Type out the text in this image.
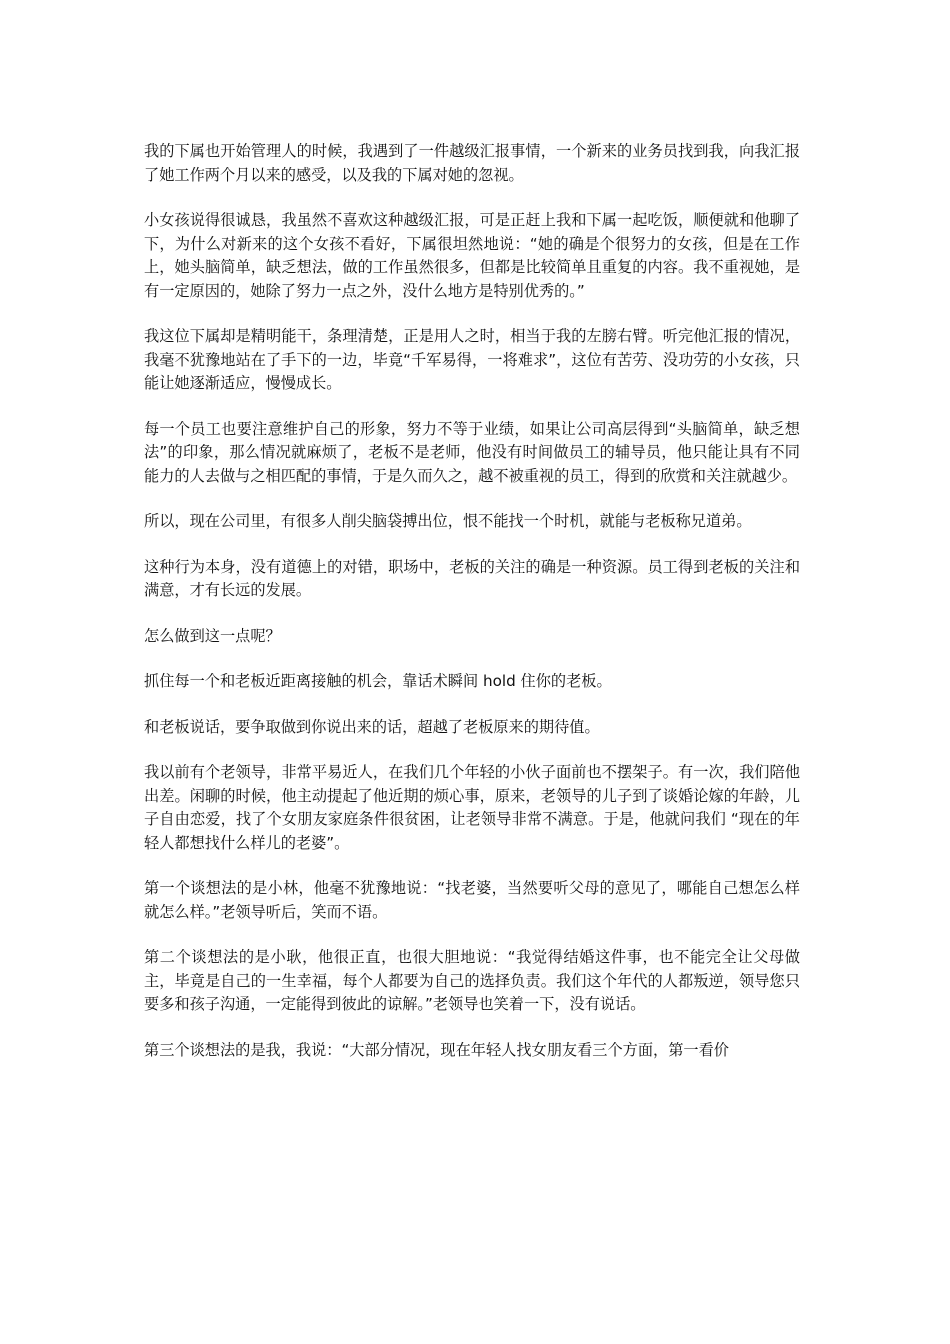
我的下属也开始管理人的时候，我遇到了一件越级汇报事情，一个新来的业务员找到我，向我汇报了她工作两个月以来的感受，以及我的下属对她的忽视。

小女孩说得很诚恳，我虽然不喜欢这种越级汇报，可是正赶上我和下属一起吃饭，顺便就和他聊了下，为什么对新来的这个女孩不看好，下属很坦然地说：“她的确是个很努力的女孩，但是在工作上，她头脑简单，缺乏想法，做的工作虽然很多，但都是比较简单且重复的内容。我不重视她，是有一定原因的，她除了努力一点之外，没什么地方是特别优秀的。”

我这位下属却是精明能干，条理清楚，正是用人之时，相当于我的左膀右臂。听完他汇报的情况，我毫不犹豫地站在了手下的一边，毕竟“千军易得，一将难求”，这位有苦劳、没功劳的小女孩，只能让她逐渐适应，慢慢成长。

每一个员工也要注意维护自己的形象，努力不等于业绩，如果让公司高层得到“头脑简单，缺乏想法”的印象，那么情况就麻烦了，老板不是老师，他没有时间做员工的辅导员，他只能让具有不同能力的人去做与之相匹配的事情，于是久而久之，越不被重视的员工，得到的欣赏和关注就越少。

所以，现在公司里，有很多人削尖脑袋搏出位，恨不能找一个时机，就能与老板称兄道弟。

这种行为本身，没有道德上的对错，职场中，老板的关注的确是一种资源。员工得到老板的关注和满意，才有长远的发展。

怎么做到这一点呢？

抓住每一个和老板近距离接触的机会，靠话术瞬间 hold 住你的老板。

和老板说话，要争取做到你说出来的话，超越了老板原来的期待值。

我以前有个老领导，非常平易近人，在我们几个年轻的小伙子面前也不摆架子。有一次，我们陪他出差。闲聊的时候，他主动提起了他近期的烦心事，原来，老领导的儿子到了谈婚论嫁的年龄，儿子自由恋爱，找了个女朋友家庭条件很贫困，让老领导非常不满意。于是，他就问我们 “现在的年轻人都想找什么样儿的老婆”。

第一个谈想法的是小林，他毫不犹豫地说：“找老婆，当然要听父母的意见了，哪能自己想怎么样就怎么样。”老领导听后，笑而不语。

第二个谈想法的是小耿，他很正直，也很大胆地说：“我觉得结婚这件事，也不能完全让父母做主，毕竟是自己的一生幸福，每个人都要为自己的选择负责。我们这个年代的人都叛逆，领导您只要多和孩子沟通，一定能得到彼此的谅解。”老领导也笑着一下，没有说话。

第三个谈想法的是我，我说：“大部分情况，现在年轻人找女朋友看三个方面，第一看价
